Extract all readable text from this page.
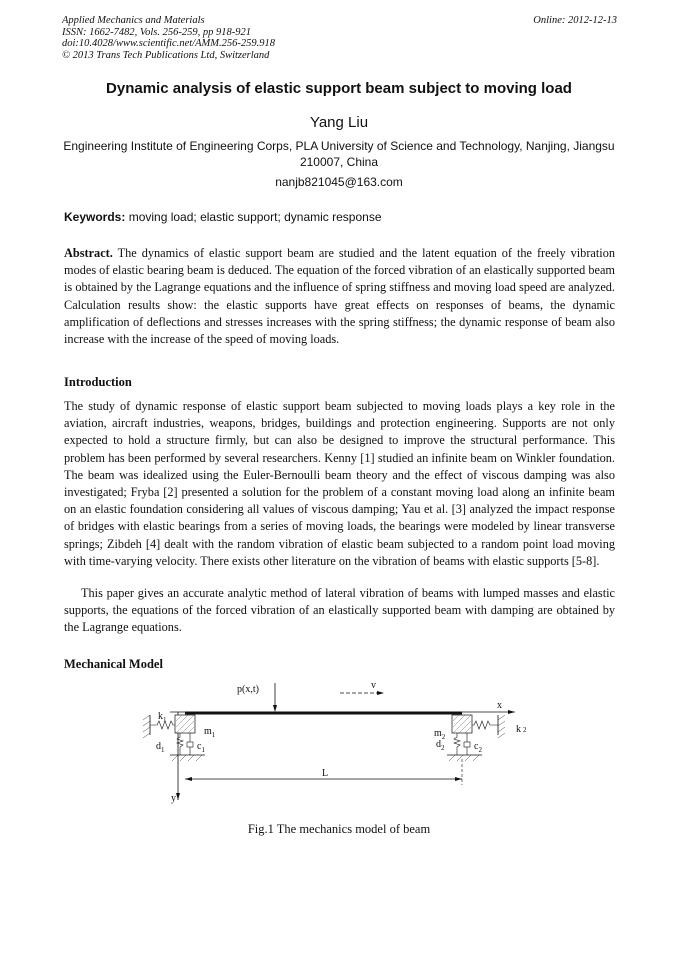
Applied Mechanics and Materials
ISSN: 1662-7482, Vols. 256-259, pp 918-921
doi:10.4028/www.scientific.net/AMM.256-259.918
© 2013 Trans Tech Publications Ltd, Switzerland
Online: 2012-12-13
Dynamic analysis of elastic support beam subject to moving load
Yang Liu
Engineering Institute of Engineering Corps, PLA University of Science and Technology, Nanjing, Jiangsu 210007, China
nanjb821045@163.com
Keywords: moving load; elastic support; dynamic response
Abstract. The dynamics of elastic support beam are studied and the latent equation of the freely vibration modes of elastic bearing beam is deduced. The equation of the forced vibration of an elastically supported beam is obtained by the Lagrange equations and the influence of spring stiffness and moving load speed are analyzed. Calculation results show: the elastic supports have great effects on responses of beams, the dynamic amplification of deflections and stresses increases with the spring stiffness; the dynamic response of beam also increase with the increase of the speed of moving loads.
Introduction
The study of dynamic response of elastic support beam subjected to moving loads plays a key role in the aviation, aircraft industries, weapons, bridges, buildings and protection engineering. Supports are not only expected to hold a structure firmly, but can also be designed to improve the structural performance. This problem has been performed by several researchers. Kenny [1] studied an infinite beam on Winkler foundation. The beam was idealized using the Euler-Bernoulli beam theory and the effect of viscous damping was also investigated; Fryba [2] presented a solution for the problem of a constant moving load along an infinite beam on an elastic foundation considering all values of viscous damping; Yau et al. [3] analyzed the impact response of bridges with elastic bearings from a series of moving loads, the bearings were modeled by linear transverse springs; Zibdeh [4] dealt with the random vibration of elastic beam subjected to a random point load moving with time-varying velocity. There exists other literature on the vibration of beams with elastic supports [5-8].
This paper gives an accurate analytic method of lateral vibration of beams with lumped masses and elastic supports, the equations of the forced vibration of an elastically supported beam with damping are obtained by the Lagrange equations.
Mechanical Model
x
y
p(x,t)	v
$k_1$
$m_1$
$d_1$	$c_1$
$m_2$
$d_2$	$c_2$
k 2
L
Fig.1 The mechanics model of beam
